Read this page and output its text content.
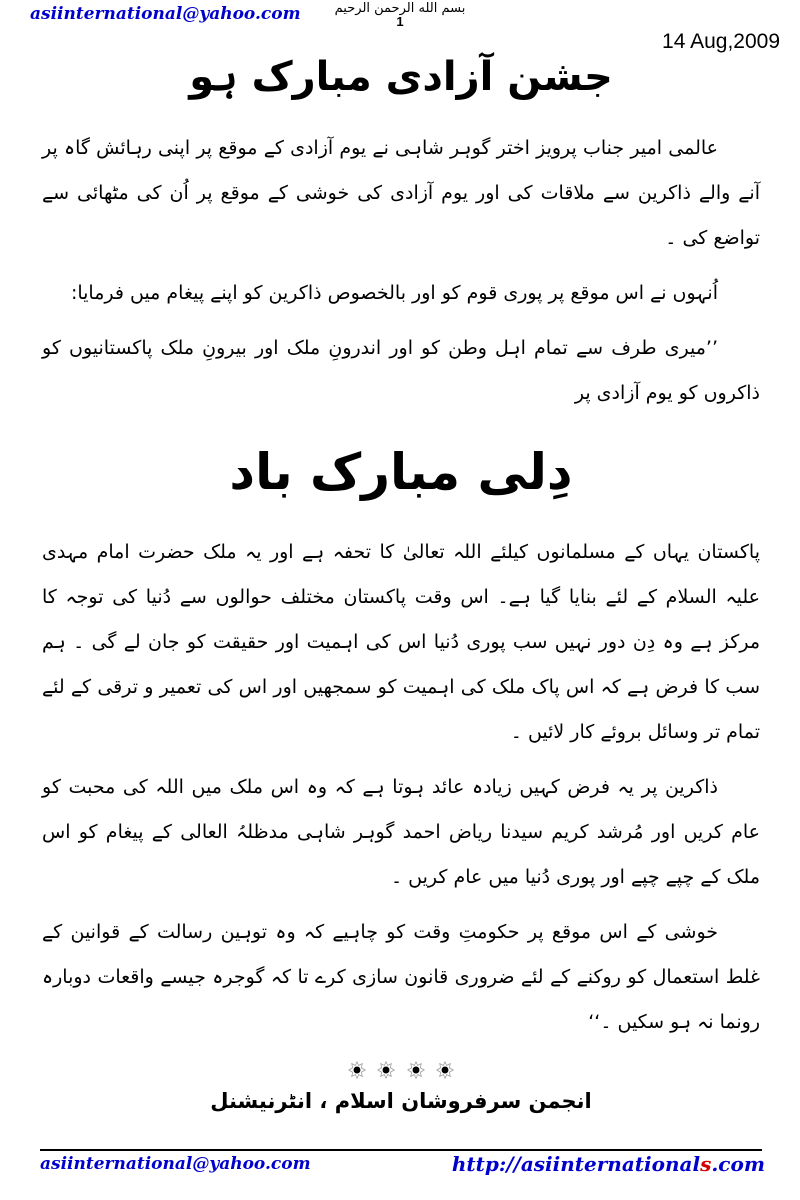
asiinternational@yahoo.com	بسم الله الرحمن الرحيم
1
14 Aug,2009
جشن آزادی مبارک ہو

عالمی امیر جناب پرویز اختر گوہر شاہی نے یوم آزادی کے موقع پر اپنی رہائش گاہ پر آنے والے ذاکرین سے ملاقات کی اور یوم آزادی کی خوشی کے موقع پر اُن کی مٹھائی سے تواضع کی ۔

اُنہوں نے اس موقع پر پوری قوم کو اور بالخصوص ذاکرین کو اپنے پیغام میں فرمایا:

’’میری طرف سے تمام اہل وطن کو اور اندرونِ ملک اور بیرونِ ملک پاکستانیوں کو ذاکروں کو یوم آزادی پر

دِلی مبارک باد

پاکستان یہاں کے مسلمانوں کیلئے اللہ تعالیٰ کا تحفہ ہے اور یہ ملک حضرت امام مہدی علیہ السلام کے لئے بنایا گیا ہے۔ اس وقت پاکستان مختلف حوالوں سے دُنیا کی توجہ کا مرکز ہے وہ دِن دور نہیں سب پوری دُنیا اس کی اہمیت اور حقیقت کو جان لے گی ۔ ہم سب کا فرض ہے کہ اس پاک ملک کی اہمیت کو سمجھیں اور اس کی تعمیر و ترقی کے لئے تمام تر وسائل بروئے کار لائیں ۔

ذاکرین پر یہ فرض کہیں زیادہ عائد ہوتا ہے کہ وہ اس ملک میں اللہ کی محبت کو عام کریں اور مُرشد کریم سیدنا ریاض احمد گوہر شاہی مدظلہُ العالی کے پیغام کو اس ملک کے چپے چپے اور پوری دُنیا میں عام کریں ۔

خوشی کے اس موقع پر حکومتِ وقت کو چاہیے کہ وہ توہین رسالت کے قوانین کے غلط استعمال کو روکنے کے لئے ضروری قانون سازی کرے تا کہ گوجرہ جیسے واقعات دوبارہ رونما نہ ہو سکیں ۔‘‘

انجمن سرفروشان اسلام ، انٹرنیشنل
asiinternational@yahoo.com	http://asiinternationals.com
